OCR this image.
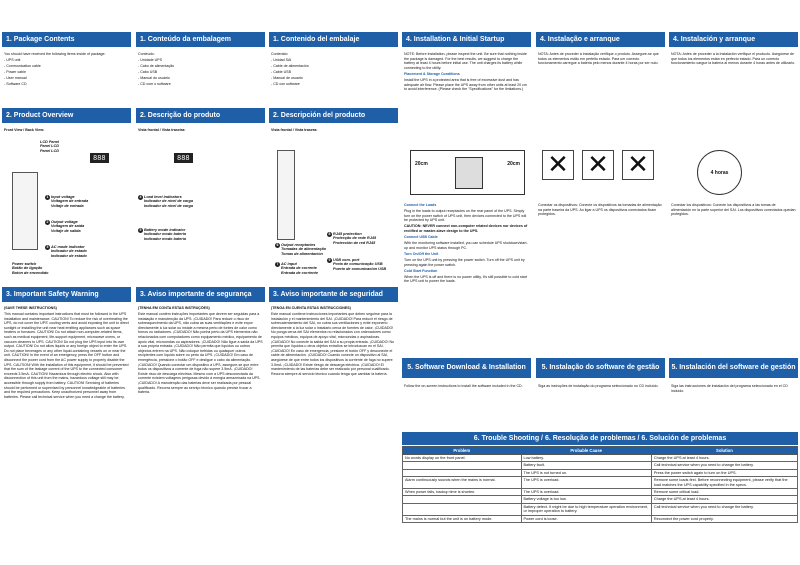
1. Package Contents

You should have received the following items inside of package:

- UPS unit

- Communication cable

- Power cable

- User manual

- Software CD

2. Product Overview
Front View / Back View:
LCD Panel
Panel LCD
Panel LCD
888
1 Input voltage
Voltagem de entrada
Voltaje de entrada
2 Output voltage
Voltagem de saída
Voltaje de salida
3 AC mode indicator
Indicador de estado
Indicador de estado
Power switch
Botão de ligação
Botón de encendido
3. Important Safety Warning

(SAVE THESE INSTRUCTIONS)

This manual contains important instructions that must be followed in the UPS installation and maintenance. CAUTION! To reduce the risk of overheating the UPS, do not cover the UPS' cooling vents and avoid exposing the unit to direct sunlight or installing the unit near heat emitting appliances such as space heaters or furnaces. CAUTION! Do not attach non-computer-related items, such as medical equipment, life-support equipment, microwave ovens, or vacuum cleaners to UPS. CAUTION! Do not plug the UPS input into its own output. CAUTION! Do not allow liquids or any foreign object to enter the UPS. Do not place beverages or any other liquid-containing vessels on or near the unit. CAUTION! In the event of an emergency, press the OFF button and disconnect the power cord from the AC power supply to properly disable the UPS. CAUTION! With the installation of this equipment, it should be prevented that the sum of the leakage current of the UPS to the connected consumer exceeds 3.5mA. CAUTION! Hazardous through electric shock. Also with disconnection of this unit from the mains, hazardous voltage still may be accessible through supply from battery. CAUTION! Servicing of batteries should be performed or supervised by personnel knowledgeable of batteries and the required precautions. Keep unauthorized personnel away from batteries. Please call technical service when you need a change the battery.

1. Conteúdo da embalagem

Conteúdo:

- Unidade UPS

- Cabo de alimentação

- Cabo USB

- Manual do usuário

- CD com o software

2. Descrição do produto
Vista frontal / Vista traseira:
888
4 Load level indicators
Indicador de nível de carga
Indicador de nivel de carga
5 Battery mode indicator
Indicador modo bateria
Indicador modo batería
3. Aviso importante de segurança

(TENHA EM CONTA ESTAS INSTRUÇÕES)

Este manual contém instruções importantes que devem ser seguidas para a instalação e manutenção da UPS. ¡CUIDADO! Para reduzir o risco de sobreaquecimento da UPS, não cubra as suas ventilações e evite expor directamente à luz solar ou instale a mesma perto de fontes de calor como fornos ou radiadores. ¡CUIDADO! Não ponha perto da UPS elementos não relacionados com computadores como equipamento médico, equipamento de apoio vital, microondas ou aspiradores. ¡CUIDADO! Não ligue a saída da UPS à sua própria entrada. ¡CUIDADO! Não permita que líquidos ou outros objectos entrem na UPS. Não coloque bebidas ou quaisquer outros recipientes com líquido sobre ou perto da UPS. ¡CUIDADO! Em caso de emergência, pressione o botão OFF e desligue o cabo da alimentação. ¡CUIDADO! Quando conectar um dispositivo à UPS, assegure-se que entre todos os dispositivos a corrente de fuga não supere 3.5mA. ¡CUIDADO! Existe risco de descarga eléctrica. Mesmo com a UPS desconectada da corrente existem voltagens perigosas devido à energia armazenada na UPS. ¡CUIDADO! A manutenção das baterias deve ser realizada por pessoal qualificado. Recorra sempre ao serviço técnico quando precise trocar a bateria.

1. Contenido del embalaje

Contenido:

- Unidad SAI

- Cable de alimentación

- Cable USB

- Manual de usuario

- CD con software

2. Descripción del producto
Vista frontal / Vista trasera:
6 Output receptacles
Tomadas de alimentação
Tomas de alimentación
7 AC input
Entrada de corrente
Entrada de corriente
8 RJ45 protection
Protecção de rede RJ45
Protección de red RJ45
9 USB com. port
Porta de comunicação USB
Puerto de comunicación USB
3. Aviso importante de seguridad

(TENGA EN CUENTA ESTAS INSTRUCCIONES)

Este manual contiene instrucciones importantes que deben seguirse para la instalación y el mantenimiento del SAI. ¡CUIDADO! Para reducir el riesgo de sobrecalentamiento del SAI, no cubra sus ventilaciones y evite exponerlo directamente a la luz solar o instalarlo cerca de fuentes de calor. ¡CUIDADO! No ponga cerca del SAI elementos no relacionados con ordenadores como equipos médicos, equipos de apoyo vital, microondas o aspiradoras. ¡CUIDADO! No conecte la salida del SAI a su propia entrada. ¡CUIDADO! No permita que líquidos u otros objetos extraños se introduzcan en el SAI. ¡CUIDADO! En caso de emergencia, presione el botón OFF y desconecte el cable de alimentación. ¡CUIDADO! Cuando conecte un dispositivo al SAI, asegúrese de que entre todos los dispositivos la corriente de fuga no supere 3.5mA. ¡CUIDADO! Existe riesgo de descarga eléctrica. ¡CUIDADO! El mantenimiento de las baterías debe ser realizado por personal cualificado. Recurra siempre al servicio técnico cuando tenga que cambiar la batería.

4. Installation & Initial Startup

NOTE: Before installation, please inspect the unit. Be sure that nothing inside the package is damaged. For the best results, we suggest to charge the battery at least 4 hours before initial use. The unit charges its battery while connecting to the utility.

Placement & Storage Conditions

Install the UPS in a protected area that is free of excessive dust and has adequate air flow. Please place the UPS away from other units at least 20 cm to avoid interference. (Please check the "Specifications" for the limitations.)

20cm	20cm

Connect the Loads

Plug in the loads to output receptacles on the rear panel of the UPS. Simply turn on the power switch of UPS unit, then devices connected to the UPS will be protected by UPS unit.

CAUTION: NEVER connect non-computer related devices nor devices of rectified or master-slave design to the UPS.

Connect USB Cable

With the monitoring software installed, you can schedule UPS shutdown/start-up and monitor UPS status through PC.

Turn On/Off the Unit

Turn on the UPS unit by pressing the power switch. Turn off the UPS unit by pressing again the power switch.

Cold Start Function

When the UPS is off and there is no power utility, it's still possible to cold start the UPS unit to power the loads.

5. Software Download & Installation
Follow the on-screen instructions to install the software included in the CD.
4. Instalação e arranque
NOTA: Antes de proceder à instalação verifique o produto. Assegure-se que todos os elementos estão em perfeito estado. Para um correcto funcionamento carregue a bateria pelo menos durante 4 horas por ser nulo.
✕ ✕ ✕
Conectar os dispositivos: Conecte os dispositivos às tomadas de alimentação na parte traseira da UPS. Ao ligar a UPS os dispositivos conectados ficam protegidos.
5. Instalação do software de gestão
Siga as instruções de instalação do programa seleccionado no CD incluído.
4. Instalación y arranque
NOTA: Antes de proceder a la instalación verifique el producto. Asegúrese de que todos los elementos están en perfecto estado. Para un correcto funcionamiento cargue la batería al menos durante 4 horas antes de utilizarlo.
4 horas
Conectar los dispositivos: Conecte los dispositivos a las tomas de alimentación en la parte superior del SAI. Los dispositivos conectados quedan protegidos.
5. Instalación del software de gestión
Siga las instrucciones de instalación del programa seleccionado en el CD incluido.
6. Trouble Shooting / 6. Resolução de problemas / 6. Solución de problemas
Problem	Probable Cause	Solution
No words display on the front panel.	Low battery.	Charge the UPS at least 4 hours.
	Battery fault.	Call technical service when you need to change the battery.
	The UPS is not turned on.	Press the power switch again to turn on the UPS.
Alarm continuously sounds when the mains is normal.	The UPS is overload.	Remove some loads first. Before reconnecting equipment, please verify that the load matches the UPS capability specified in the specs.
When power fails, backup time is shorten.	The UPS is overload.	Remove some critical load.
	Battery voltage is too low.	Charge the UPS at least 4 hours.
	Battery defect. It might be due to high temperature operation environment, or improper operation to battery.	Call technical service when you need to change the battery.
The mains is normal but the unit is on battery mode.	Power cord is loose.	Reconnect the power cord properly.
